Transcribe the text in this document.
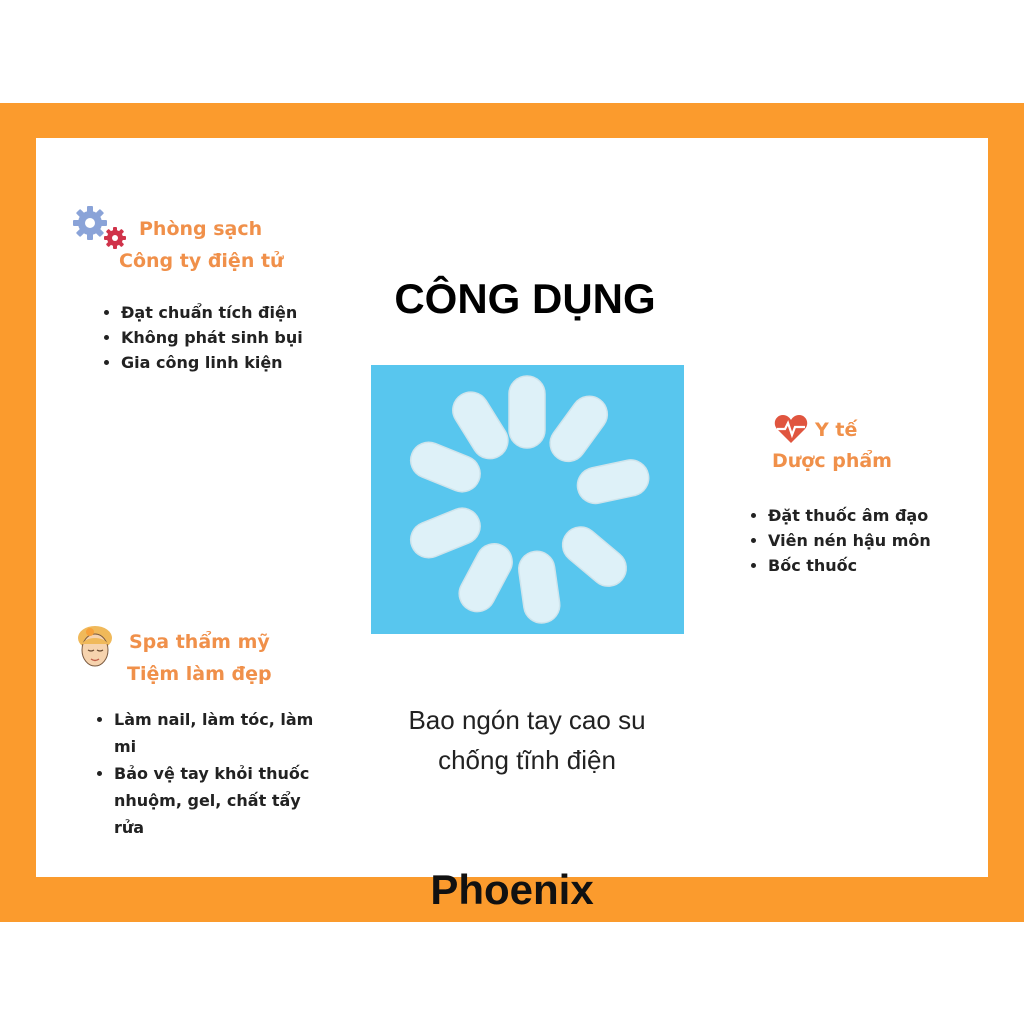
Phòng sạch
Công ty điện tử
• Đạt chuẩn tích điện
• Không phát sinh bụi
• Gia công linh kiện
CÔNG DỤNG
Y tế
Dược phẩm
• Đặt thuốc âm đạo
• Viên nén hậu môn
• Bốc thuốc
Spa thẩm mỹ
Tiệm làm đẹp
• Làm nail, làm tóc, làm mi
• Bảo vệ tay khỏi thuốc nhuộm, gel, chất tẩy rửa
Bao ngón tay cao su
chống tĩnh điện
Phoenix
